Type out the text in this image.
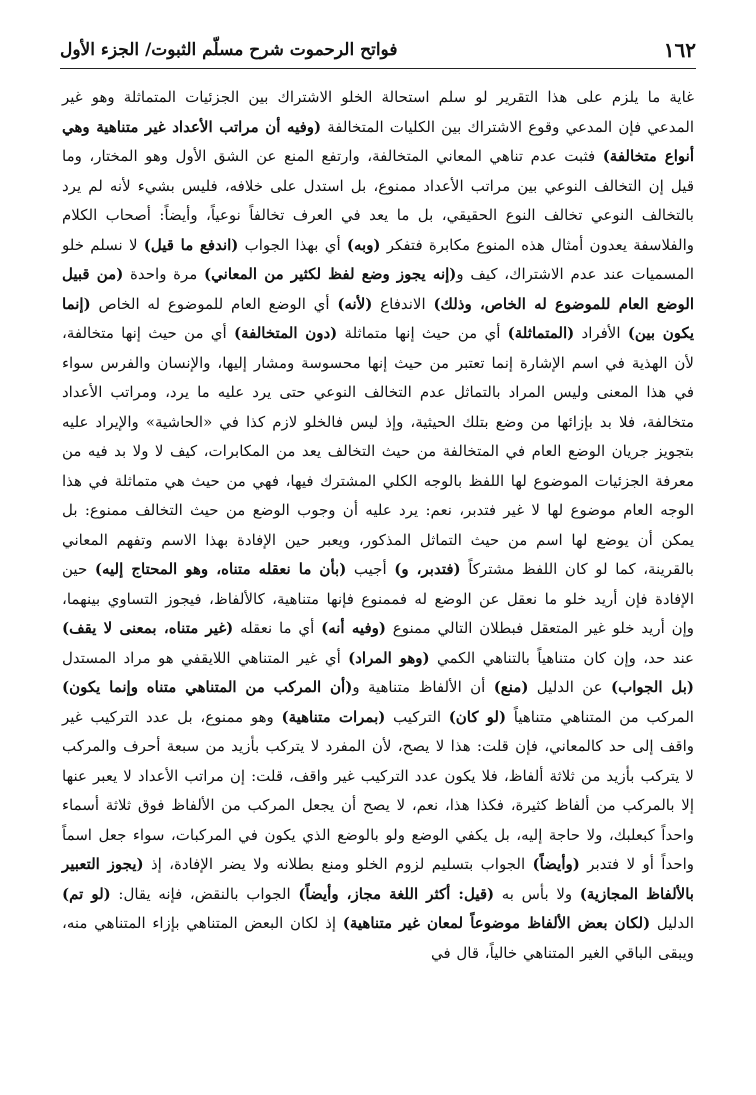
١٦٢
فواتح الرحموت شرح مسلّم الثبوت/ الجزء الأول
غاية ما يلزم على هذا التقرير لو سلم استحالة الخلو الاشتراك بين الجزئيات المتماثلة وهو غير المدعي فإن المدعي وقوع الاشتراك بين الكليات المتخالفة (وفيه أن مراتب الأعداد غير متناهية وهي أنواع متخالفة) فثبت عدم تناهي المعاني المتخالفة، وارتفع المنع عن الشق الأول وهو المختار، وما قيل إن التخالف النوعي بين مراتب الأعداد ممنوع، بل استدل على خلافه، فليس بشيء لأنه لم يرد بالتخالف النوعي تخالف النوع الحقيقي، بل ما يعد في العرف تخالفاً نوعياً، وأيضاً: أصحاب الكلام والفلاسفة يعدون أمثال هذه المنوع مكابرة فتفكر (وبه) أي بهذا الجواب (اندفع ما قيل) لا نسلم خلو المسميات عند عدم الاشتراك، كيف و(إنه يجوز وضع لفظ لكثير من المعاني) مرة واحدة (من قبيل الوضع العام للموضوع له الخاص، وذلك) الاندفاع (لأنه) أي الوضع العام للموضوع له الخاص (إنما يكون بين) الأفراد (المتماثلة) أي من حيث إنها متماثلة (دون المتخالفة) أي من حيث إنها متخالفة، لأن الهذية في اسم الإشارة إنما تعتبر من حيث إنها محسوسة ومشار إليها، والإنسان والفرس سواء في هذا المعنى وليس المراد بالتماثل عدم التخالف النوعي حتى يرد عليه ما يرد، ومراتب الأعداد متخالفة، فلا بد بإزائها من وضع بتلك الحيثية، وإذ ليس فالخلو لازم كذا في «الحاشية» والإيراد عليه بتجويز جريان الوضع العام في المتخالفة من حيث التخالف يعد من المكابرات، كيف لا ولا بد فيه من معرفة الجزئيات الموضوع لها اللفظ بالوجه الكلي المشترك فيها، فهي من حيث هي متماثلة في هذا الوجه العام موضوع لها لا غير فتدبر، نعم: يرد عليه أن وجوب الوضع من حيث التخالف ممنوع: بل يمكن أن يوضع لها اسم من حيث التماثل المذكور، ويعبر حين الإفادة بهذا الاسم وتفهم المعاني بالقرينة، كما لو كان اللفظ مشتركاً (فتدبر، و) أجيب (بأن ما نعقله متناه، وهو المحتاج إليه) حين الإفادة فإن أريد خلو ما نعقل عن الوضع له فممنوع فإنها متناهية، كالألفاظ، فيجوز التساوي بينهما، وإن أريد خلو غير المتعقل فبطلان التالي ممنوع (وفيه أنه) أي ما نعقله (غير متناه، بمعنى لا يقف) عند حد، وإن كان متناهياً بالتناهي الكمي (وهو المراد) أي غير المتناهي اللايقفي هو مراد المستدل (بل الجواب) عن الدليل (منع) أن الألفاظ متناهية و(أن المركب من المتناهي متناه وإنما يكون) المركب من المتناهي متناهياً (لو كان) التركيب (بمرات متناهية) وهو ممنوع، بل عدد التركيب غير واقف إلى حد كالمعاني، فإن قلت: هذا لا يصح، لأن المفرد لا يتركب بأزيد من سبعة أحرف والمركب لا يتركب بأزيد من ثلاثة ألفاظ، فلا يكون عدد التركيب غير واقف، قلت: إن مراتب الأعداد لا يعبر عنها إلا بالمركب من ألفاظ كثيرة، فكذا هذا، نعم، لا يصح أن يجعل المركب من الألفاظ فوق ثلاثة أسماء واحداً كبعلبك، ولا حاجة إليه، بل يكفي الوضع ولو بالوضع الذي يكون في المركبات، سواء جعل اسماً واحداً أو لا فتدبر (وأيضاً) الجواب بتسليم لزوم الخلو ومنع بطلانه ولا يضر الإفادة، إذ (يجوز التعبير بالألفاظ المجازية) ولا بأس به (قيل: أكثر اللغة مجاز، وأيضاً) الجواب بالنقض، فإنه يقال: (لو تم) الدليل (لكان بعض الألفاظ موضوعاً لمعان غير متناهية) إذ لكان البعض المتناهي بإزاء المتناهي منه، ويبقى الباقي الغير المتناهي خالياً، قال في
